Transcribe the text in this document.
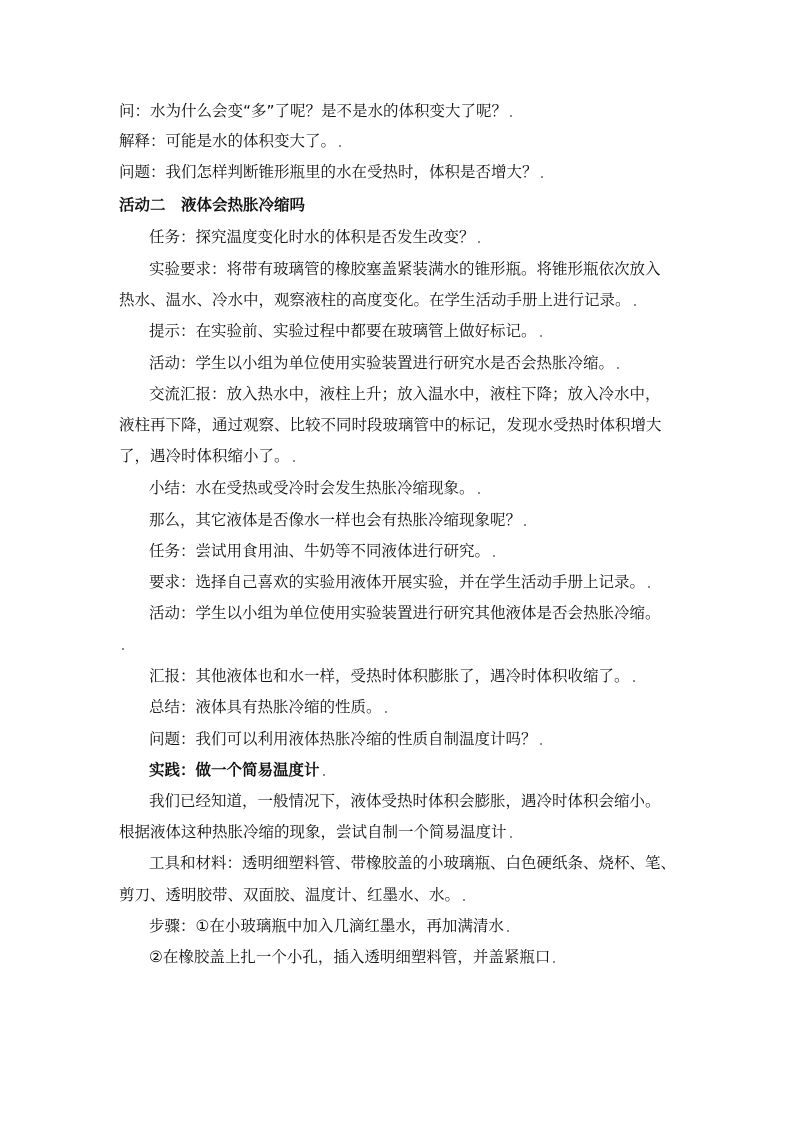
问：水为什么会变“多”了呢？是不是水的体积变大了呢？
解释：可能是水的体积变大了。
问题：我们怎样判断锥形瓶里的水在受热时，体积是否增大？
活动二　液体会热胀冷缩吗
任务：探究温度变化时水的体积是否发生改变？
实验要求：将带有玻璃管的橡胶塞盖紧装满水的锥形瓶。将锥形瓶依次放入
热水、温水、冷水中，观察液柱的高度变化。在学生活动手册上进行记录。
提示：在实验前、实验过程中都要在玻璃管上做好标记。
活动：学生以小组为单位使用实验装置进行研究水是否会热胀冷缩。
交流汇报：放入热水中，液柱上升；放入温水中，液柱下降；放入冷水中，
液柱再下降，通过观察、比较不同时段玻璃管中的标记，发现水受热时体积增大
了，遇冷时体积缩小了。
小结：水在受热或受冷时会发生热胀冷缩现象。
那么，其它液体是否像水一样也会有热胀冷缩现象呢？
任务：尝试用食用油、牛奶等不同液体进行研究。
要求：选择自己喜欢的实验用液体开展实验，并在学生活动手册上记录。
活动：学生以小组为单位使用实验装置进行研究其他液体是否会热胀冷缩。
汇报：其他液体也和水一样，受热时体积膨胀了，遇冷时体积收缩了。
总结：液体具有热胀冷缩的性质。
问题：我们可以利用液体热胀冷缩的性质自制温度计吗？
实践：做一个简易温度计
我们已经知道，一般情况下，液体受热时体积会膨胀，遇冷时体积会缩小。
根据液体这种热胀冷缩的现象，尝试自制一个简易温度计
工具和材料：透明细塑料管、带橡胶盖的小玻璃瓶、白色硬纸条、烧杯、笔、
剪刀、透明胶带、双面胶、温度计、红墨水、水。
步骤：①在小玻璃瓶中加入几滴红墨水，再加满清水
②在橡胶盖上扎一个小孔，插入透明细塑料管，并盖紧瓶口
